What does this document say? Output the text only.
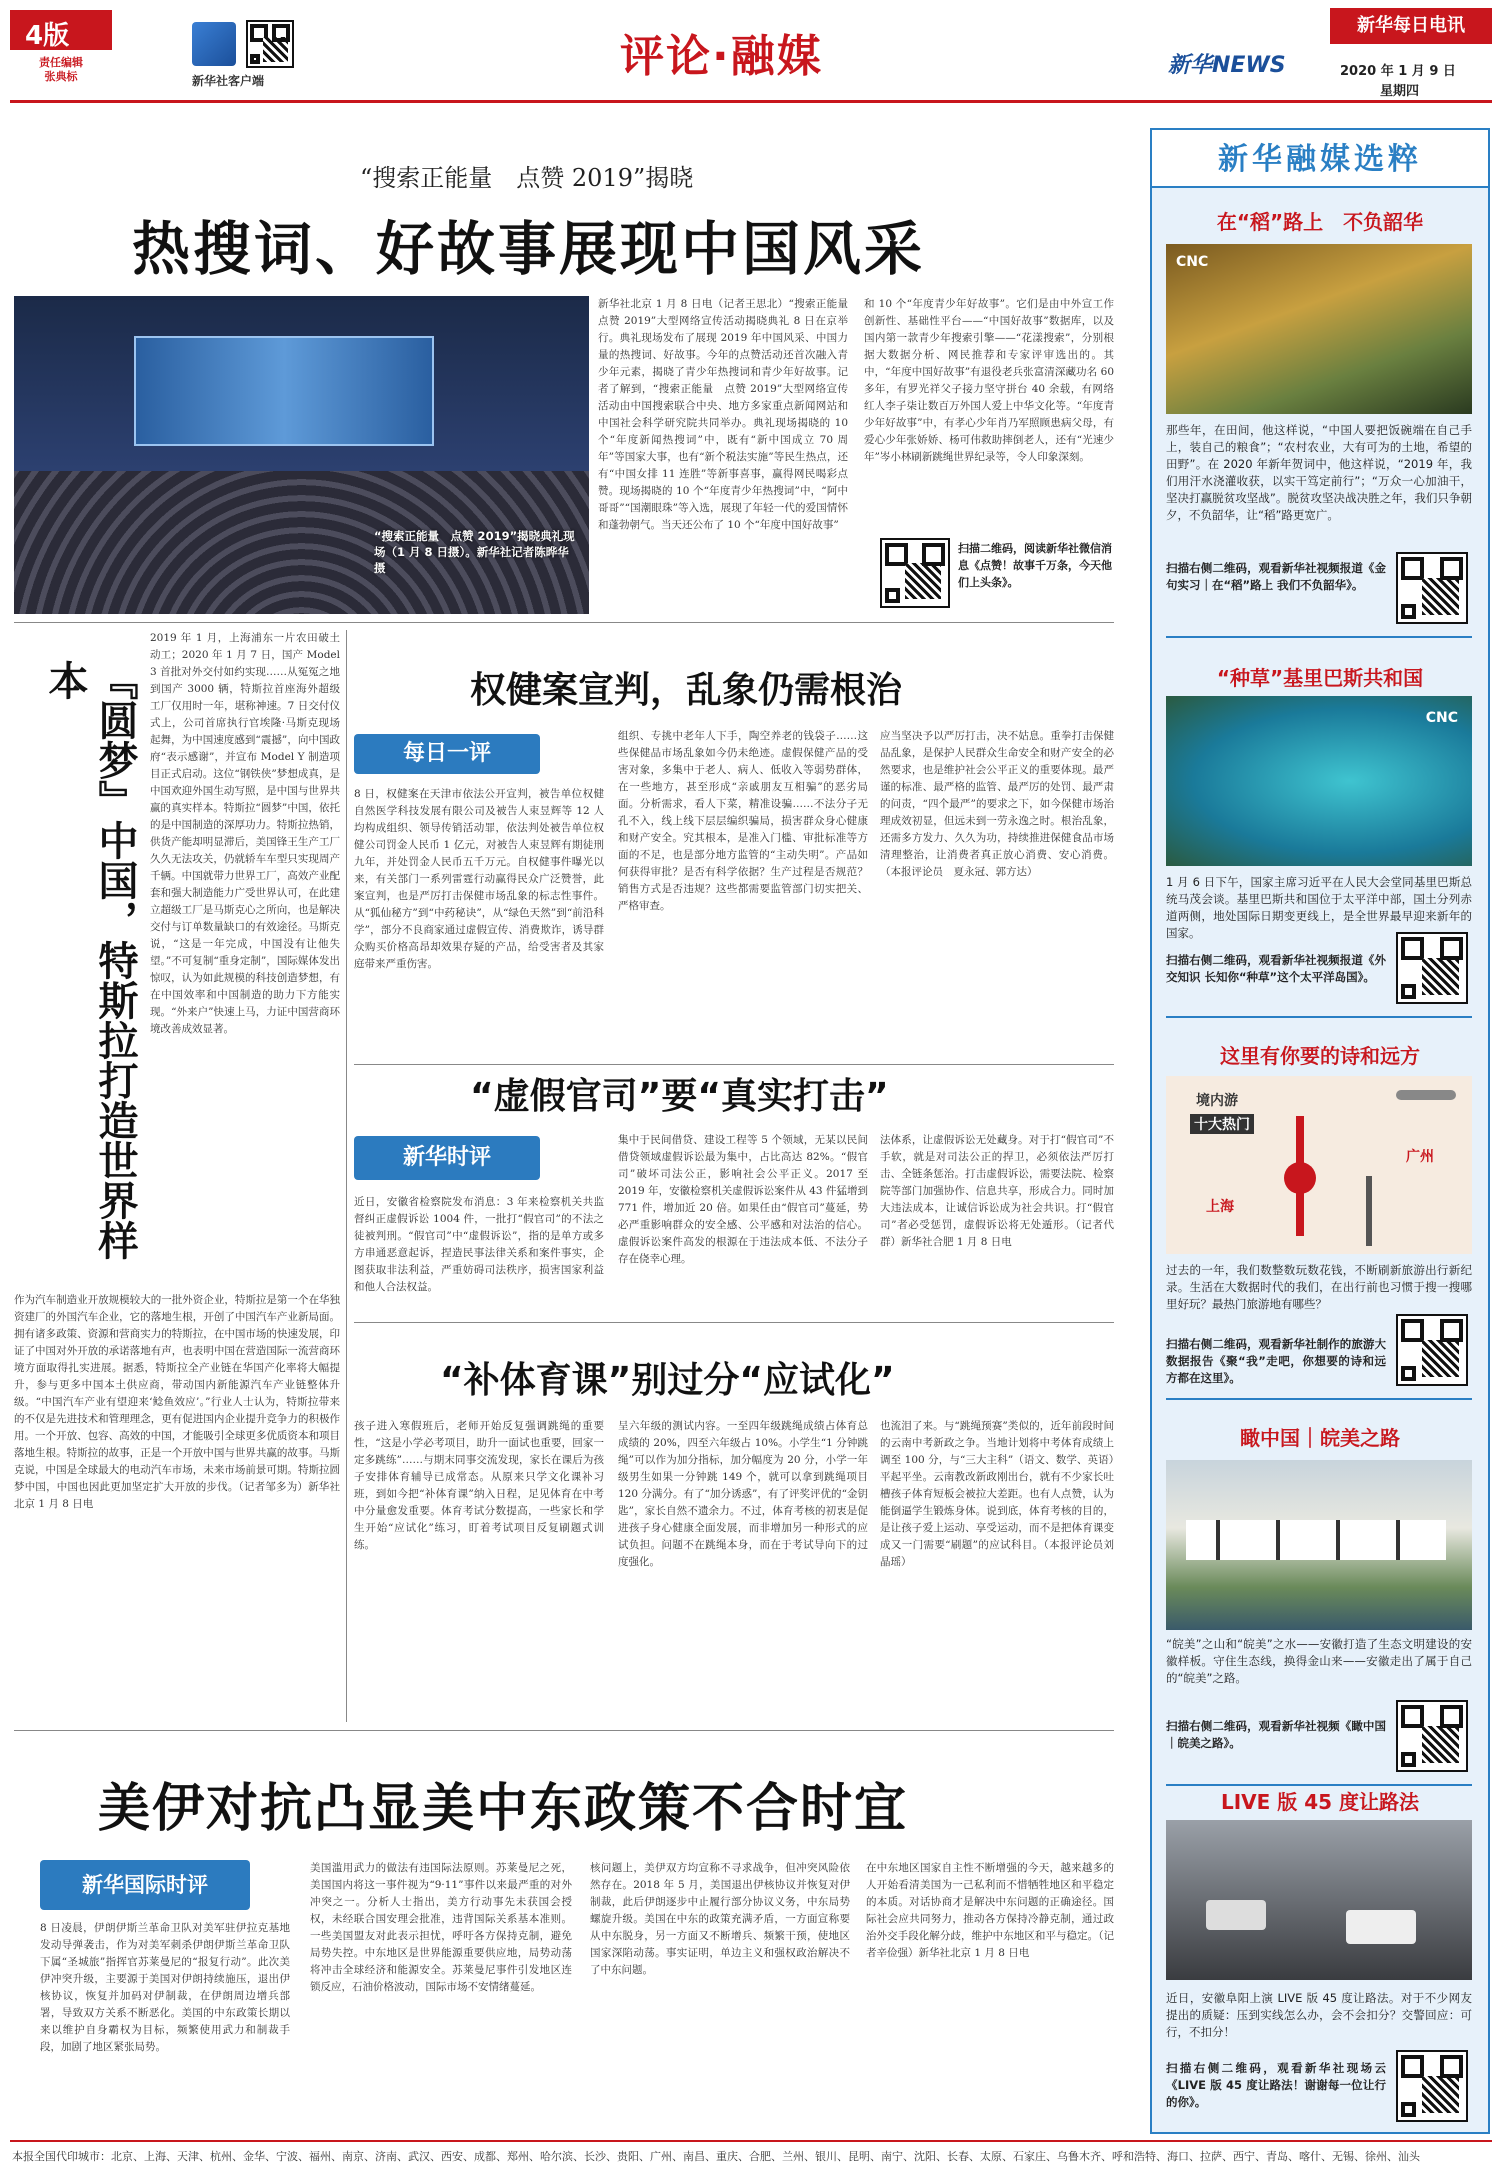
4版
责任编辑
张典标	新华社客户端	评论·融媒
新华每日电讯
新华NEWS	2020 年 1 月 9 日
星期四
“搜索正能量　点赞 2019”揭晓
热搜词、好故事展现中国风采
“搜索正能量　点赞 2019”揭晓典礼现场（1 月 8 日摄）。新华社记者陈晔华摄
新华社北京 1 月 8 日电（记者王思北）“搜索正能量　点赞 2019”大型网络宣传活动揭晓典礼 8 日在京举行。典礼现场发布了展现 2019 年中国风采、中国力量的热搜词、好故事。今年的点赞活动还首次融入青少年元素，揭晓了青少年热搜词和青少年好故事。记者了解到，“搜索正能量　点赞 2019”大型网络宣传活动由中国搜索联合中央、地方多家重点新闻网站和中国社会科学研究院共同举办。典礼现场揭晓的 10 个“年度新闻热搜词”中，既有“新中国成立 70 周年”等国家大事，也有“新个税法实施”等民生热点，还有“中国女排 11 连胜”等新事喜事，赢得网民喝彩点赞。现场揭晓的 10 个“年度青少年热搜词”中，“阿中哥哥”“国潮眼珠”等入选，展现了年轻一代的爱国情怀和蓬勃朝气。当天还公布了 10 个“年度中国好故事”
和 10 个“年度青少年好故事”。它们是由中外宣工作创新性、基础性平台——“中国好故事”数据库，以及国内第一款青少年搜索引擎——“花漾搜索”，分别根据大数据分析、网民推荐和专家评审选出的。其中，“年度中国好故事”有退役老兵张富清深藏功名 60 多年，有罗光祥父子接力坚守拼台 40 余载，有网络红人李子柒让数百万外国人爱上中华文化等。“年度青少年好故事”中，有孝心少年肖乃军照顾患病父母，有爱心少年张娇娇、杨可伟救助摔倒老人，还有“光速少年”岑小林刷新跳绳世界纪录等，令人印象深刻。
扫描二维码，阅读新华社微信消息《点赞！故事千万条，今天他们上头条》。
2019 年 1 月，上海浦东一片农田破土动工；2020 年 1 月 7 日，国产 Model 3 首批对外交付如约实现……从冤冤之地到国产 3000 辆，特斯拉首座海外超级工厂仅用时一年，堪称神速。7 日交付仪式上，公司首席执行官埃隆·马斯克现场起舞，为中国速度感到“震撼”，向中国政府“表示感谢”，并宣布 Model Y 制造项目正式启动。这位“钢铁侠”梦想成真，是中国欢迎外国生动写照，是中国与世界共赢的真实样本。特斯拉“圆梦”中国，依托的是中国制造的深厚功力。特斯拉热销，供货产能却明显滞后，美国锋王生产工厂久久无法攻关，仍就轿车车型只实现周产千辆。中国就带力世界工厂，高效产业配套和强大制造能力广受世界认可，在此建立超级工厂是马斯克心之所向，也是解决交付与订单数量缺口的有效途径。马斯克说，“这是一年完成，中国没有让他失望。”不可复制“重身定制”，国际媒体发出惊叹，认为如此规模的科技创造梦想，有在中国效率和中国制造的助力下方能实现。“外来户”快速上马，力证中国营商环境改善成效显著。
『圆梦』中国，特斯拉打造世界样本
作为汽车制造业开放规模较大的一批外资企业，特斯拉是第一个在华独资建厂的外国汽车企业，它的落地生根，开创了中国汽车产业新局面。拥有诸多政策、资源和营商实力的特斯拉，在中国市场的快速发展，印证了中国对外开放的承诺落地有声，也表明中国在营造国际一流营商环境方面取得扎实进展。据悉，特斯拉全产业链在华国产化率将大幅提升，参与更多中国本土供应商，带动国内新能源汽车产业链整体升级。“中国汽车产业有望迎来‘鲶鱼效应’。”行业人士认为，特斯拉带来的不仅是先进技术和管理理念，更有促进国内企业提升竞争力的积极作用。一个开放、包容、高效的中国，才能吸引全球更多优质资本和项目落地生根。特斯拉的故事，正是一个开放中国与世界共赢的故事。马斯克说，中国是全球最大的电动汽车市场，未来市场前景可期。特斯拉圆梦中国，中国也因此更加坚定扩大开放的步伐。（记者邹多为）新华社北京 1 月 8 日电
权健案宣判，乱象仍需根治
每日一评
8 日，权健案在天津市依法公开宣判，被告单位权健自然医学科技发展有限公司及被告人束昱辉等 12 人均构成组织、领导传销活动罪，依法判处被告单位权健公司罚金人民币 1 亿元，对被告人束昱辉有期徒刑九年，并处罚金人民币五千万元。自权健事件曝光以来，有关部门一系列雷霆行动赢得民众广泛赞誉，此案宣判，也是严厉打击保健市场乱象的标志性事件。从“狐仙秘方”到“中药秘诀”，从“绿色天然”到“前沿科学”，部分不良商家通过虚假宣传、消费欺诈，诱导群众购买价格高昂却效果存疑的产品，给受害者及其家庭带来严重伤害。
组织、专挑中老年人下手，陶空养老的钱袋子……这些保健品市场乱象如今仍未绝迹。虚假保健产品的受害对象，多集中于老人、病人、低收入等弱势群体，在一些地方，甚至形成“亲戚朋友互相骗”的恶劣局面。分析需求，看人下菜，精准设骗……不法分子无孔不入，线上线下层层编织骗局，损害群众身心健康和财产安全。究其根本，是准入门槛、审批标准等方面的不足，也是部分地方监管的“主动失明”。产品如何获得审批？是否有科学依据？生产过程是否规范？销售方式是否违规？这些都需要监管部门切实把关、严格审查。
应当坚决予以严厉打击，决不姑息。重拳打击保健品乱象，是保护人民群众生命安全和财产安全的必然要求，也是维护社会公平正义的重要体现。最严谨的标准、最严格的监管、最严厉的处罚、最严肃的问责，“四个最严”的要求之下，如今保健市场治理成效初显，但远未到一劳永逸之时。根治乱象，还需多方发力、久久为功，持续推进保健食品市场清理整治，让消费者真正放心消费、安心消费。（本报评论员　夏永冠、郭方达）
“虚假官司”要“真实打击”
新华时评
近日，安徽省检察院发布消息：3 年来检察机关共监督纠正虚假诉讼 1004 件，一批打“假官司”的不法之徒被判刑。“假官司”中“虚假诉讼”，指的是单方或多方串通恶意起诉，捏造民事法律关系和案件事实，企图获取非法利益，严重妨碍司法秩序，损害国家利益和他人合法权益。
集中于民间借贷、建设工程等 5 个领域，无某以民间借贷领域虚假诉讼最为集中，占比高达 82%。“假官司”破坏司法公正，影响社会公平正义。2017 至 2019 年，安徽检察机关虚假诉讼案件从 43 件猛增到 771 件，增加近 20 倍。如果任由“假官司”蔓延，势必严重影响群众的安全感、公平感和对法治的信心。虚假诉讼案件高发的根源在于违法成本低、不法分子存在侥幸心理。
法体系，让虚假诉讼无处藏身。对于打“假官司”不手软，就是对司法公正的捍卫，必须依法严厉打击、全链条惩治。打击虚假诉讼，需要法院、检察院等部门加强协作、信息共享，形成合力。同时加大违法成本，让诚信诉讼成为社会共识。打“假官司”者必受惩罚，虚假诉讼将无处遁形。（记者代群）新华社合肥 1 月 8 日电
“补体育课”别过分“应试化”
孩子进入寒假班后，老师开始反复强调跳绳的重要性，“这是小学必考项目，助升一面试也重要，回家一定多跳练”……与期末同事交流发现，家长在课后为孩子安排体育辅导已成常态。从原来只学文化课补习班，到如今把“补体育课”纳入日程，足见体育在中考中分量愈发重要。体育考试分数提高，一些家长和学生开始“应试化”练习，盯着考试项目反复刷题式训练。
呈六年级的测试内容。一至四年级跳绳成绩占体育总成绩的 20%，四至六年级占 10%。小学生“1 分钟跳绳”可以作为加分指标，加分幅度为 20 分，小学一年级男生如果一分钟跳 149 个，就可以拿到跳绳项目 120 分满分。有了“加分诱惑”，有了评奖评优的“金钥匙”，家长自然不遗余力。不过，体育考核的初衷是促进孩子身心健康全面发展，而非增加另一种形式的应试负担。问题不在跳绳本身，而在于考试导向下的过度强化。
也流泪了来。与“跳绳预赛”类似的，近年前段时间的云南中考新政之争。当地计划将中考体育成绩上调至 100 分，与“三大主科”（语文、数学、英语）平起平坐。云南教改新政刚出台，就有不少家长吐槽孩子体育短板会被拉大差距。也有人点赞，认为能倒逼学生锻炼身体。说到底，体育考核的目的，是让孩子爱上运动、享受运动，而不是把体育课变成又一门需要“刷题”的应试科目。（本报评论员刘晶瑶）
美伊对抗凸显美中东政策不合时宜
新华国际时评
8 日凌晨，伊朗伊斯兰革命卫队对美军驻伊拉克基地发动导弹袭击，作为对美军刺杀伊朗伊斯兰革命卫队下属“圣城旅”指挥官苏莱曼尼的“报复行动”。此次美伊冲突升级，主要源于美国对伊朗持续施压，退出伊核协议，恢复并加码对伊制裁，在伊朗周边增兵部署，导致双方关系不断恶化。美国的中东政策长期以来以维护自身霸权为目标，频繁使用武力和制裁手段，加剧了地区紧张局势。
美国滥用武力的做法有违国际法原则。苏莱曼尼之死，美国国内将这一事件视为“9·11”事件以来最严重的对外冲突之一。分析人士指出，美方行动事先未获国会授权，未经联合国安理会批准，违背国际关系基本准则。一些美国盟友对此表示担忧，呼吁各方保持克制，避免局势失控。中东地区是世界能源重要供应地，局势动荡将冲击全球经济和能源安全。苏莱曼尼事件引发地区连锁反应，石油价格波动，国际市场不安情绪蔓延。
核问题上，美伊双方均宣称不寻求战争，但冲突风险依然存在。2018 年 5 月，美国退出伊核协议并恢复对伊制裁，此后伊朗逐步中止履行部分协议义务，中东局势螺旋升级。美国在中东的政策充满矛盾，一方面宣称要从中东脱身，另一方面又不断增兵、频繁干预，使地区国家深陷动荡。事实证明，单边主义和强权政治解决不了中东问题。
在中东地区国家自主性不断增强的今天，越来越多的人开始看清美国为一己私利而不惜牺牲地区和平稳定的本质。对话协商才是解决中东问题的正确途径。国际社会应共同努力，推动各方保持冷静克制，通过政治外交手段化解分歧，维护中东地区和平与稳定。（记者辛俭强）新华社北京 1 月 8 日电
新华融媒选粹
在“稻”路上　不负韶华
CNC
那些年，在田间，他这样说，“中国人要把饭碗端在自己手上，装自己的粮食”；“农村农业，大有可为的土地，希望的田野”。在 2020 年新年贺词中，他这样说，“2019 年，我们用汗水浇灌收获，以实干笃定前行”；“万众一心加油干，坚决打赢脱贫攻坚战”。脱贫攻坚决战决胜之年，我们只争朝夕，不负韶华，让“稻”路更宽广。
扫描右侧二维码，观看新华社视频报道《金句实习｜在“稻”路上 我们不负韶华》。
“种草”基里巴斯共和国
CNC
1 月 6 日下午，国家主席习近平在人民大会堂同基里巴斯总统马茂会谈。基里巴斯共和国位于太平洋中部，国土分列赤道两侧，地处国际日期变更线上，是全世界最早迎来新年的国家。
扫描右侧二维码，观看新华社视频报道《外交知识 长知你“种草”这个太平洋岛国》。
这里有你要的诗和远方
境内游
十大热门
上海
广州
过去的一年，我们数整数玩数花钱，不断刷新旅游出行新纪录。生活在大数据时代的我们，在出行前也习惯于搜一搜哪里好玩？最热门旅游地有哪些？
扫描右侧二维码，观看新华社制作的旅游大数据报告《聚“我”走吧，你想要的诗和远方都在这里》。
瞰中国｜皖美之路
“皖美”之山和“皖美”之水——安徽打造了生态文明建设的安徽样板。守住生态线，换得金山来——安徽走出了属于自己的“皖美”之路。
扫描右侧二维码，观看新华社视频《瞰中国｜皖美之路》。
LIVE 版 45 度让路法
近日，安徽阜阳上演 LIVE 版 45 度让路法。对于不少网友提出的质疑：压到实线怎么办，会不会扣分？交警回应：可行，不扣分！
扫描右侧二维码，观看新华社现场云《LIVE 版 45 度让路法！谢谢每一位让行的你》。
本报全国代印城市：北京、上海、天津、杭州、金华、宁波、福州、南京、济南、武汉、西安、成都、郑州、哈尔滨、长沙、贵阳、广州、南昌、重庆、合肥、兰州、银川、昆明、南宁、沈阳、长春、太原、石家庄、乌鲁木齐、呼和浩特、海口、拉萨、西宁、青岛、喀什、无锡、徐州、汕头
